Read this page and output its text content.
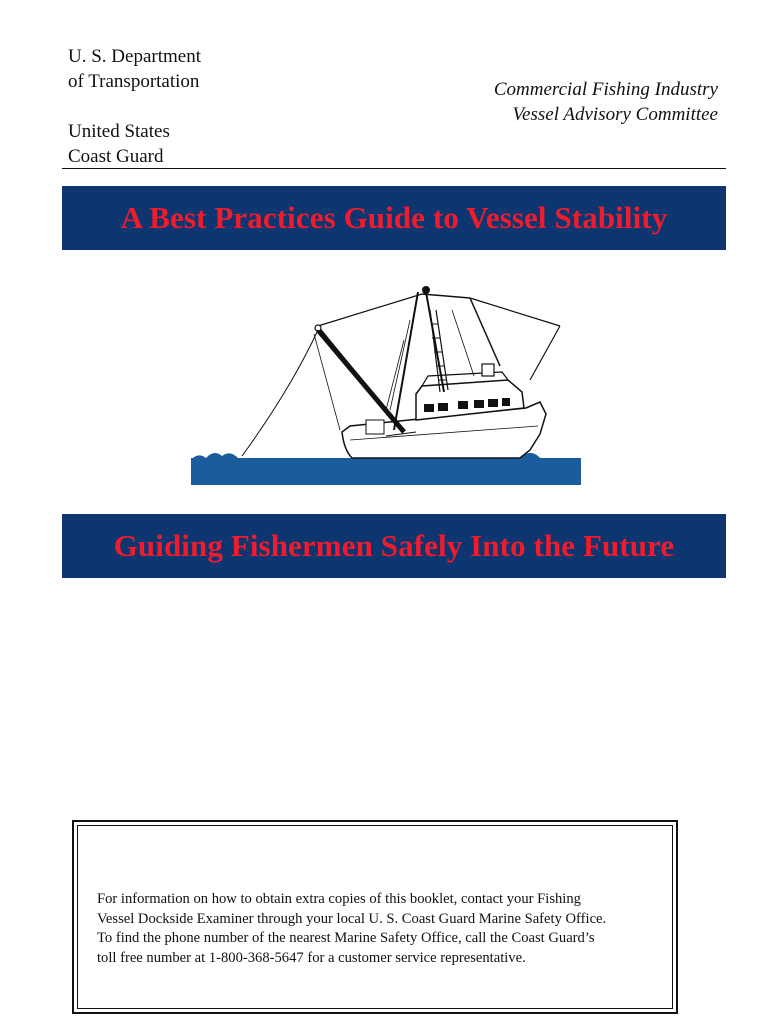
U. S. Department
of Transportation
United States
Coast Guard
Commercial Fishing Industry
Vessel Advisory Committee
A Best Practices Guide to Vessel Stability
Guiding Fishermen Safely Into the Future
For information on how to obtain extra copies of this booklet, contact your Fishing
Vessel Dockside Examiner through your local U. S. Coast Guard Marine Safety Office.
To find the phone number of the nearest Marine Safety Office, call the Coast Guard’s
toll free number at 1-800-368-5647 for a customer service representative.
